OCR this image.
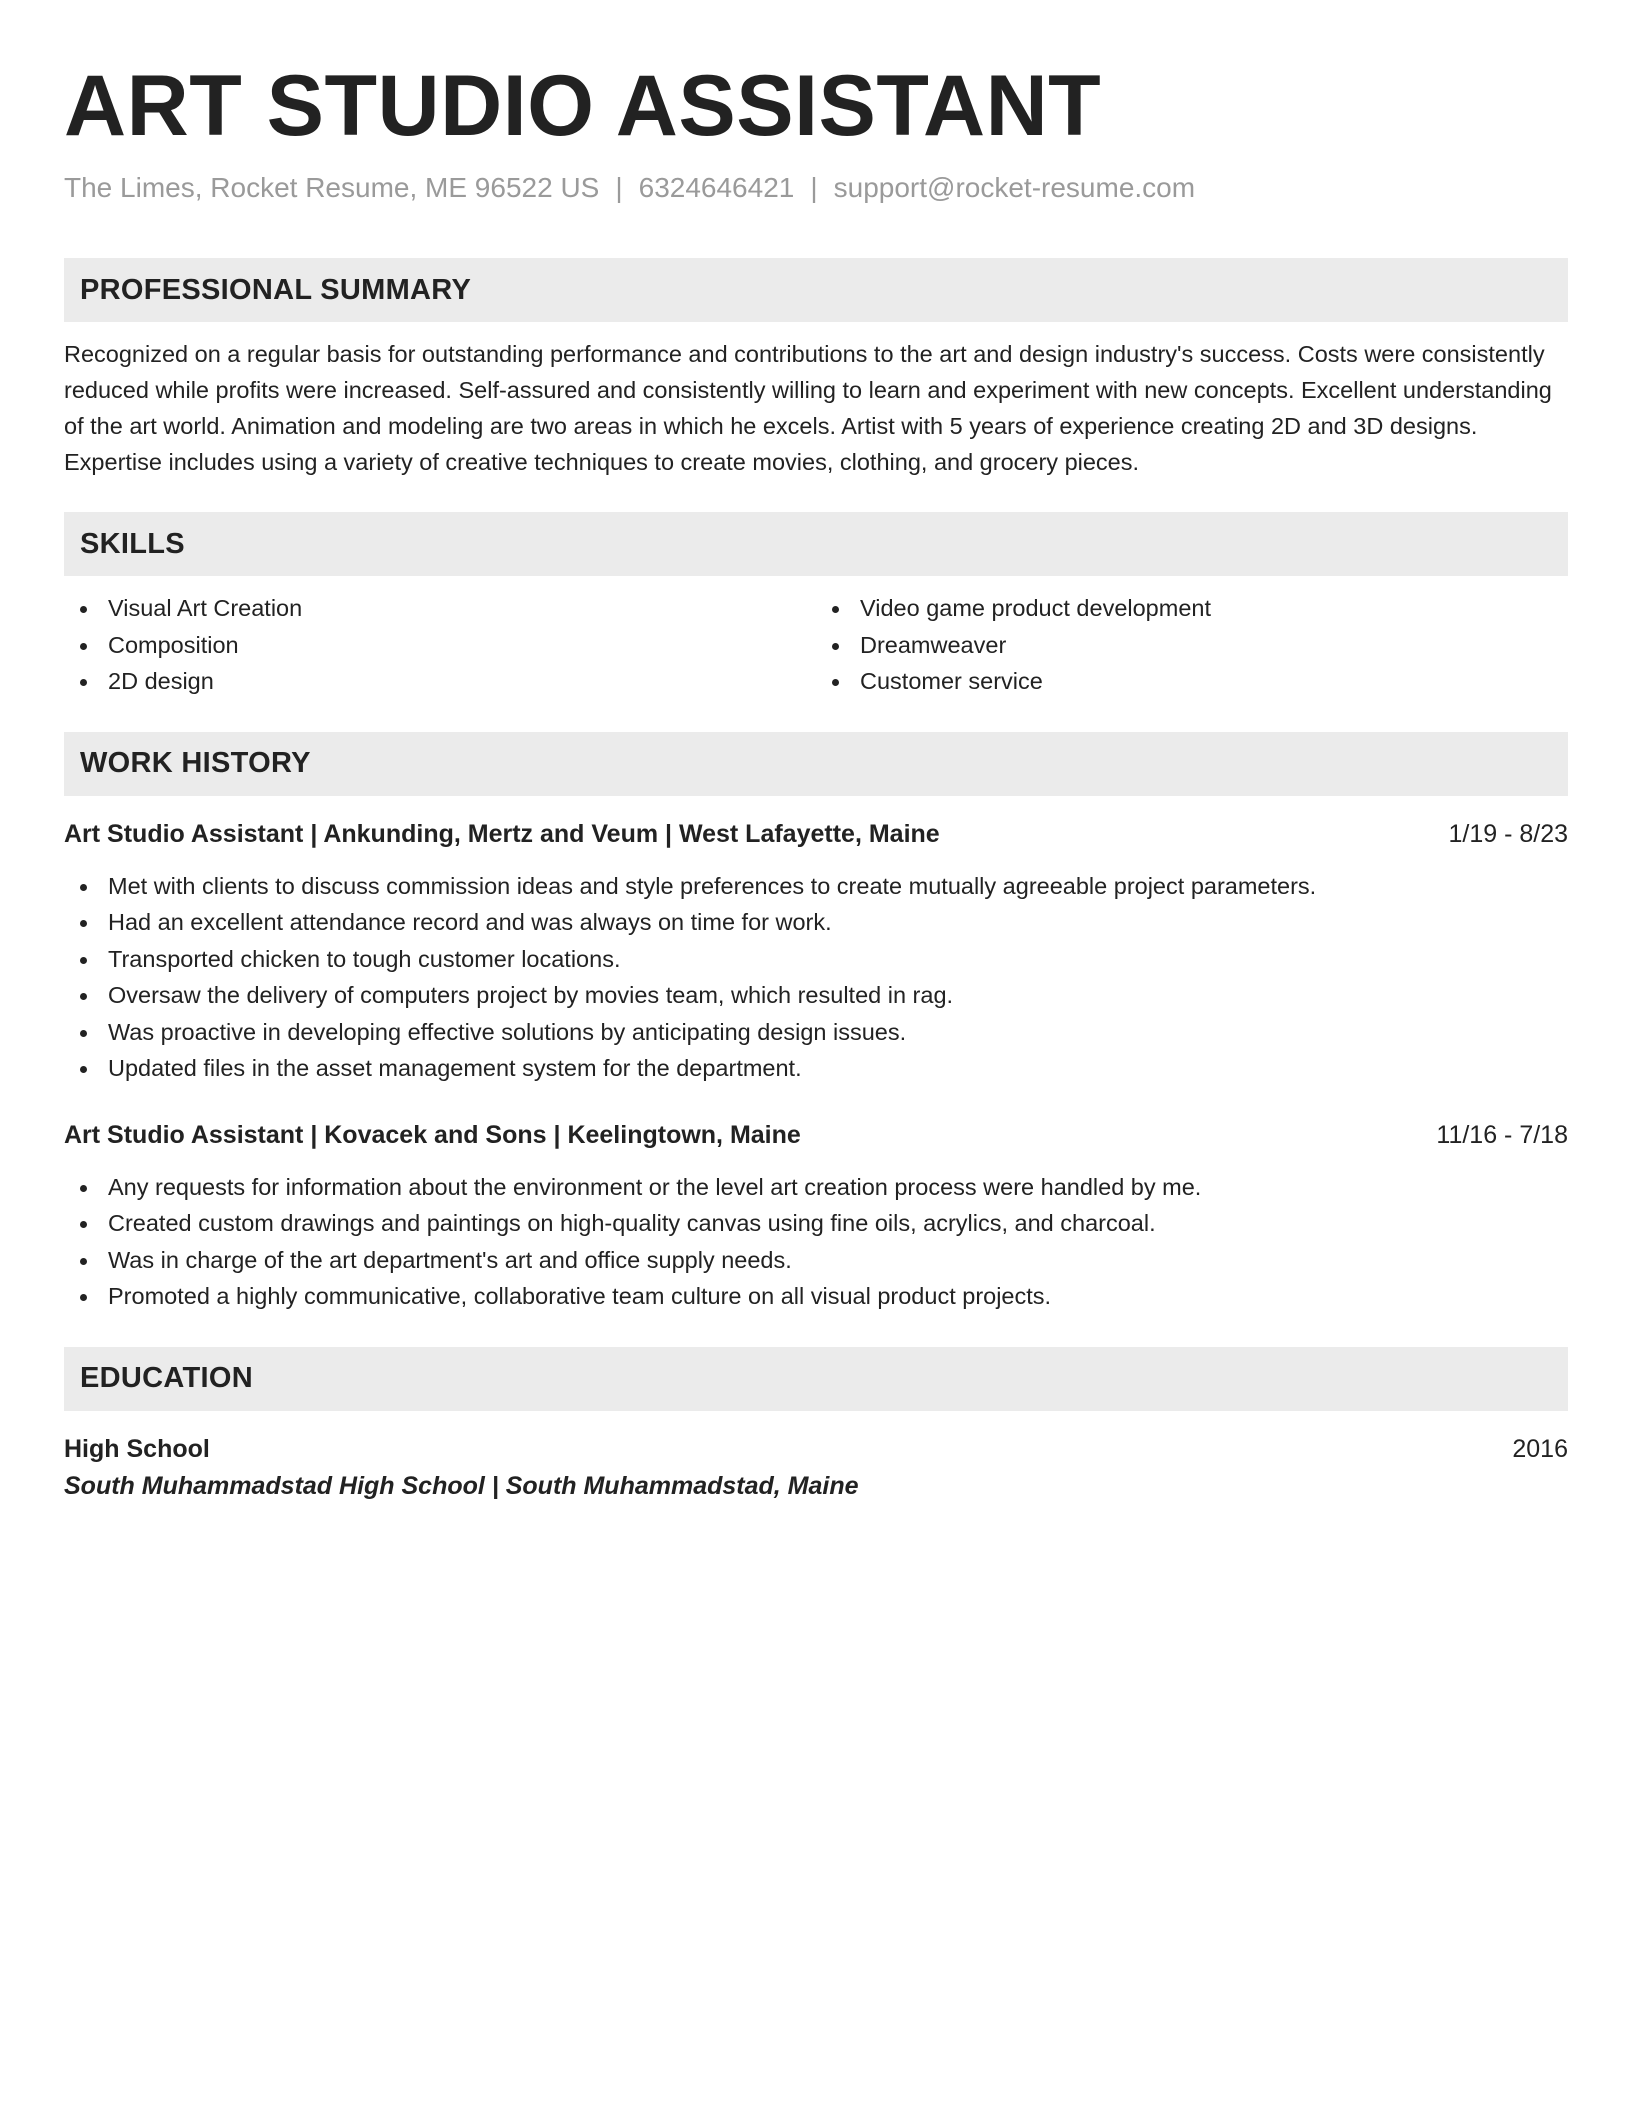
ART STUDIO ASSISTANT
The Limes, Rocket Resume, ME 96522 US | 6324646421 | support@rocket-resume.com
PROFESSIONAL SUMMARY

Recognized on a regular basis for outstanding performance and contributions to the art and design industry's success. Costs were consistently reduced while profits were increased. Self-assured and consistently willing to learn and experiment with new concepts. Excellent understanding of the art world. Animation and modeling are two areas in which he excels. Artist with 5 years of experience creating 2D and 3D designs. Expertise includes using a variety of creative techniques to create movies, clothing, and grocery pieces.

SKILLS
Visual Art Creation
Composition
2D design
Video game product development
Dreamweaver
Customer service
WORK HISTORY
Art Studio Assistant | Ankunding, Mertz and Veum | West Lafayette, Maine	1/19 - 8/23
Met with clients to discuss commission ideas and style preferences to create mutually agreeable project parameters.
Had an excellent attendance record and was always on time for work.
Transported chicken to tough customer locations.
Oversaw the delivery of computers project by movies team, which resulted in rag.
Was proactive in developing effective solutions by anticipating design issues.
Updated files in the asset management system for the department.
Art Studio Assistant | Kovacek and Sons | Keelingtown, Maine	11/16 - 7/18
Any requests for information about the environment or the level art creation process were handled by me.
Created custom drawings and paintings on high-quality canvas using fine oils, acrylics, and charcoal.
Was in charge of the art department's art and office supply needs.
Promoted a highly communicative, collaborative team culture on all visual product projects.
EDUCATION
High School	2016
South Muhammadstad High School | South Muhammadstad, Maine
